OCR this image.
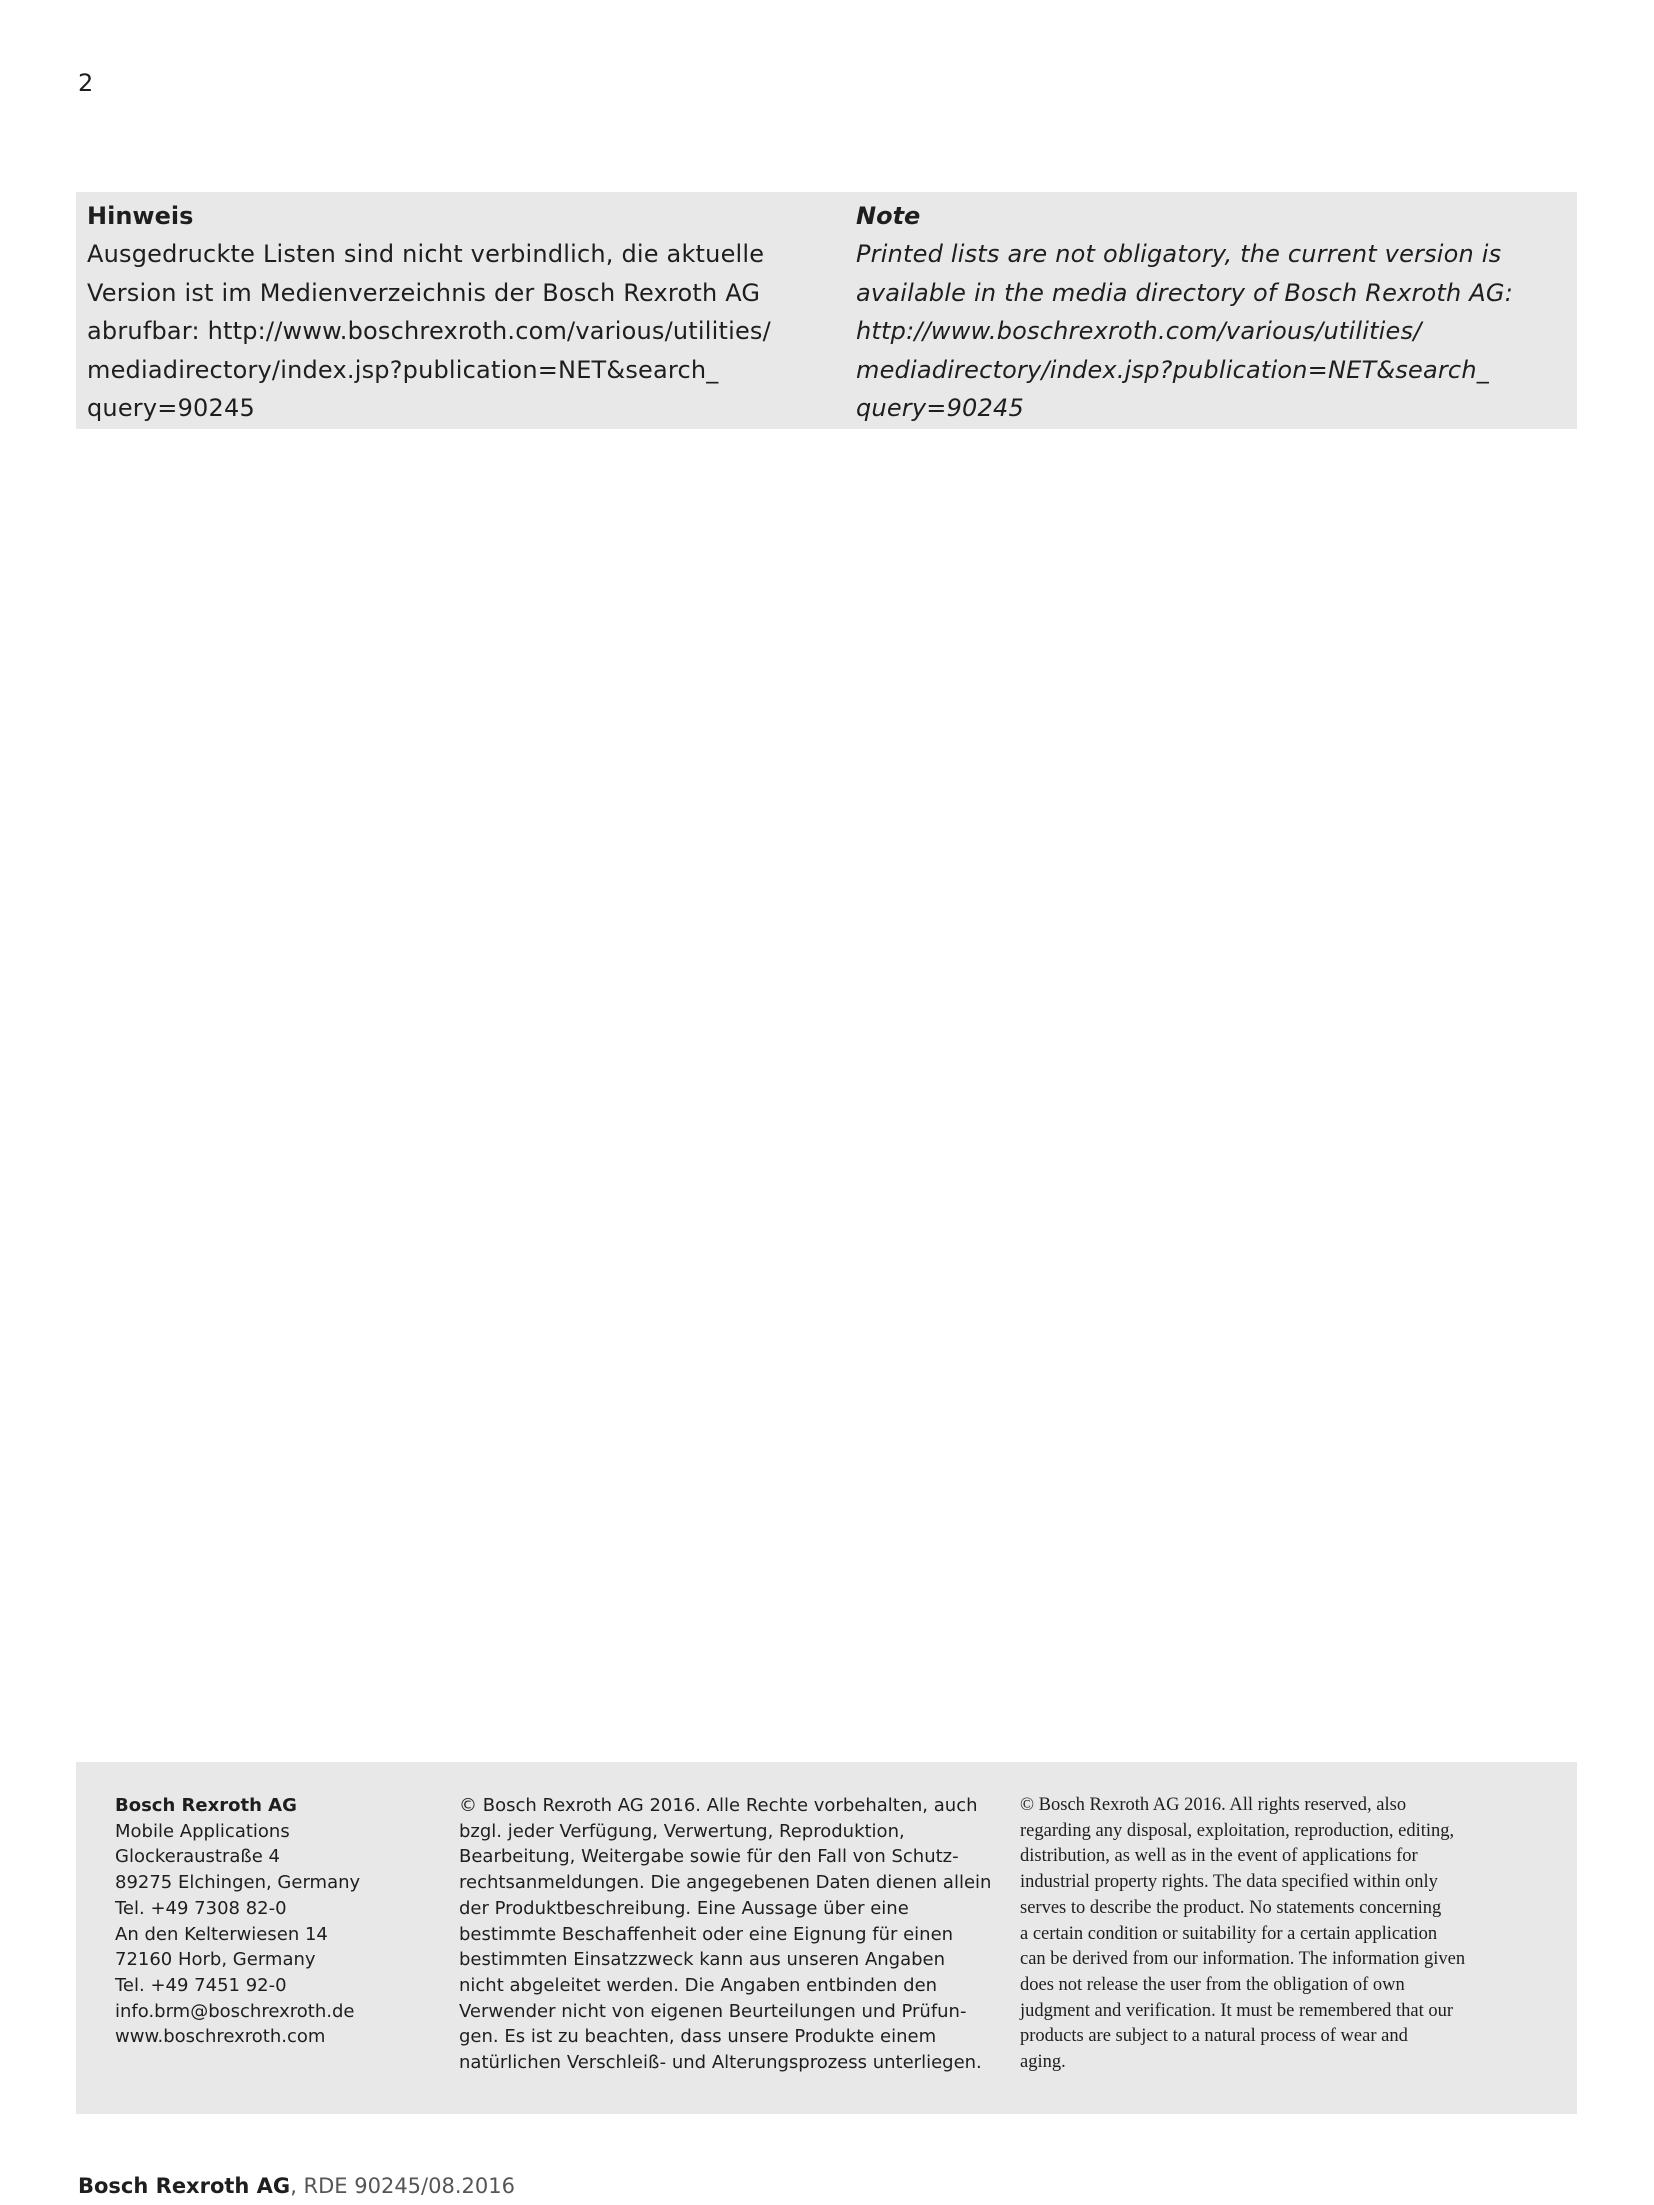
2
Hinweis
Ausgedruckte Listen sind nicht verbindlich, die aktuelle
Version ist im Medienverzeichnis der Bosch Rexroth AG
abrufbar: http://www.boschrexroth.com/various/utilities/
mediadirectory/index.jsp?publication=NET&search_
query=90245
Note
Printed lists are not obligatory, the current version is
available in the media directory of Bosch Rexroth AG:
http://www.boschrexroth.com/various/utilities/
mediadirectory/index.jsp?publication=NET&search_
query=90245
Bosch Rexroth AG
Mobile Applications
Glockeraustraße 4
89275 Elchingen, Germany
Tel. +49 7308 82-0
An den Kelterwiesen 14
72160 Horb, Germany
Tel. +49 7451 92-0
info.brm@boschrexroth.de
www.boschrexroth.com
© Bosch Rexroth AG 2016. Alle Rechte vorbehalten, auch
bzgl. jeder Verfügung, Verwertung, Reproduktion,
Bearbeitung, Weitergabe sowie für den Fall von Schutz-
rechtsanmeldungen. Die angegebenen Daten dienen allein
der Produktbeschreibung. Eine Aussage über eine
bestimmte Beschaffenheit oder eine Eignung für einen
bestimmten Einsatzzweck kann aus unseren Angaben
nicht abgeleitet werden. Die Angaben entbinden den
Verwender nicht von eigenen Beurteilungen und Prüfun-
gen. Es ist zu beachten, dass unsere Produkte einem
natürlichen Verschleiß- und Alterungsprozess unterliegen.
© Bosch Rexroth AG 2016. All rights reserved, also
regarding any disposal, exploitation, reproduction, editing,
distribution, as well as in the event of applications for
industrial property rights. The data specified within only
serves to describe the product. No statements concerning
a certain condition or suitability for a certain application
can be derived from our information. The information given
does not release the user from the obligation of own
judgment and verification. It must be remembered that our
products are subject to a natural process of wear and
aging.
Bosch Rexroth AG, RDE 90245/08.2016
